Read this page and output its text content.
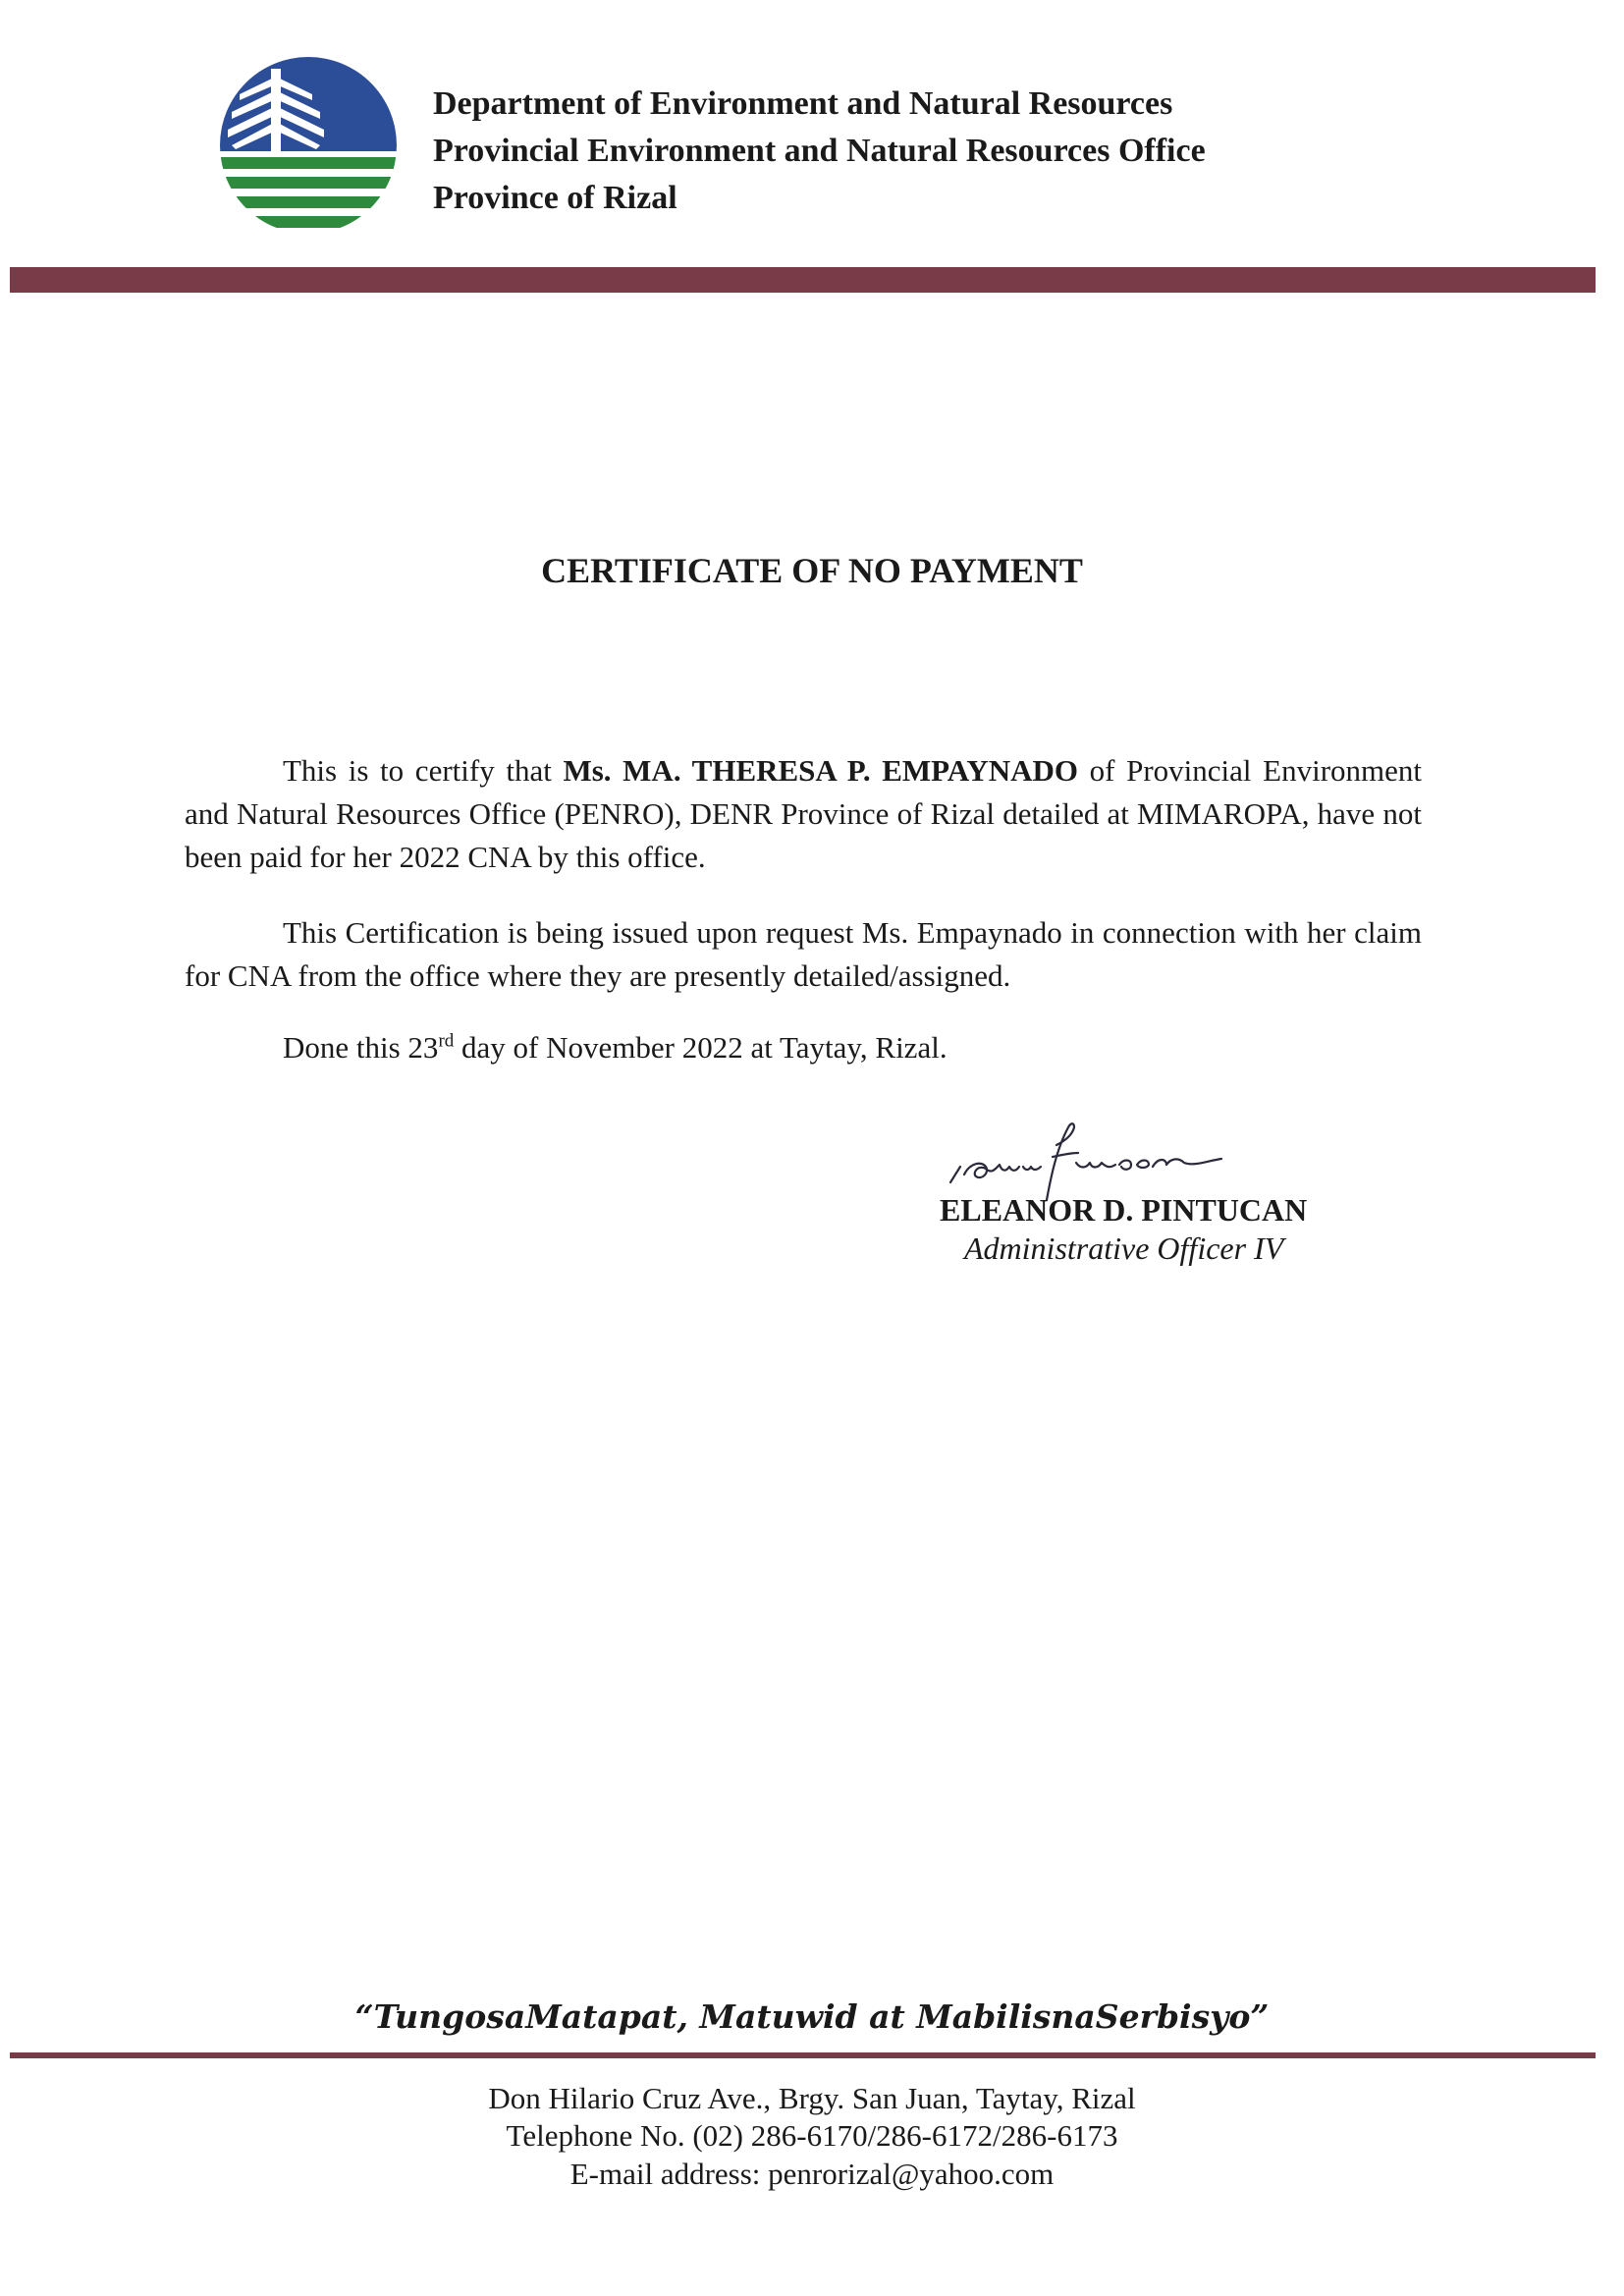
Department of Environment and Natural Resources
Provincial Environment and Natural Resources Office
Province of Rizal
CERTIFICATE OF NO PAYMENT
This is to certify that Ms. MA. THERESA P. EMPAYNADO of Provincial Environment and Natural Resources Office (PENRO), DENR Province of Rizal detailed at MIMAROPA, have not been paid for her 2022 CNA by this office.
This Certification is being issued upon request Ms. Empaynado in connection with her claim for CNA from the office where they are presently detailed/assigned.
Done this 23rd day of November 2022 at Taytay, Rizal.
ELEANOR D. PINTUCAN
Administrative Officer IV
“TungosaMatapat, Matuwid at MabilisnaSerbisyo”
Don Hilario Cruz Ave., Brgy. San Juan, Taytay, Rizal
Telephone No. (02) 286-6170/286-6172/286-6173
E-mail address: penrorizal@yahoo.com
